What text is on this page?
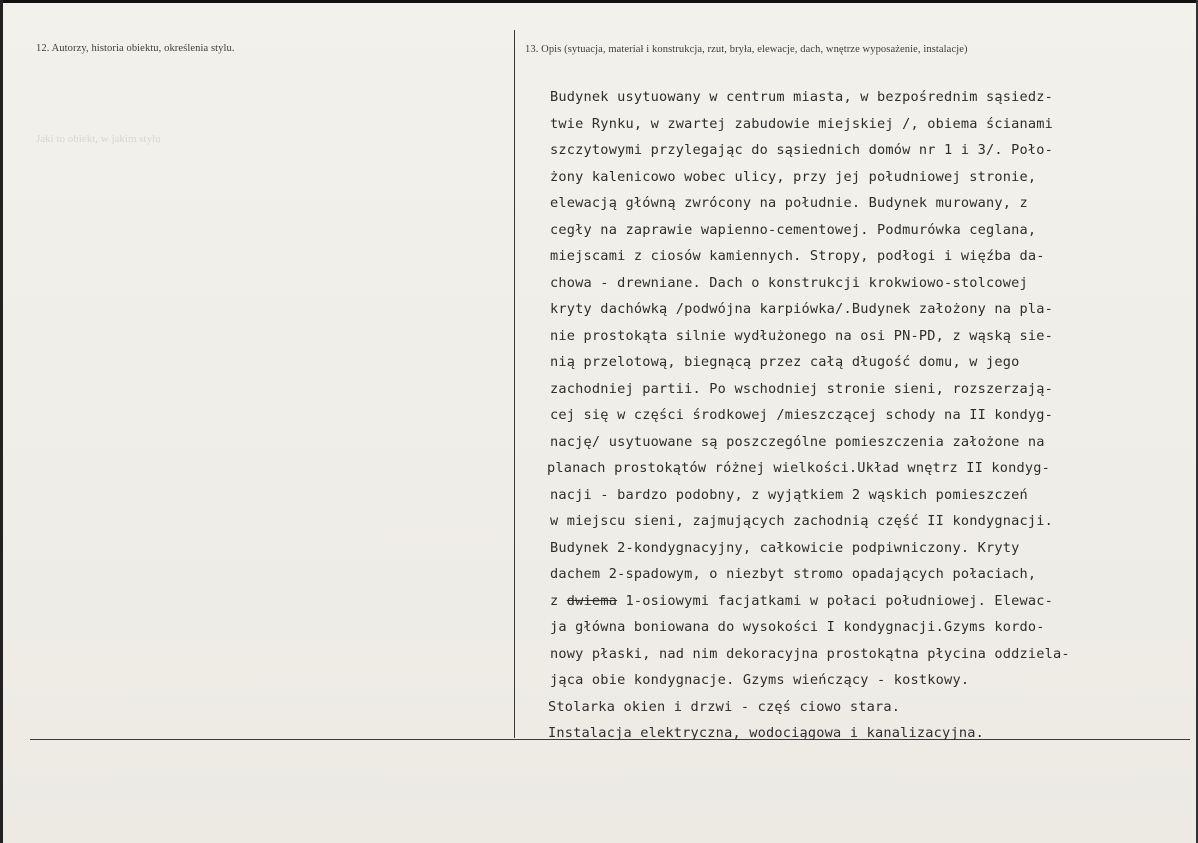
12. Autorzy, historia obiektu, określenia stylu.
Jaki to obiekt, w jakim stylu
13. Opis (sytuacja, materiał i konstrukcja, rzut, bryła, elewacje, dach, wnętrze wyposażenie, instalacje)
Budynek usytuowany w centrum miasta, w bezpośrednim sąsiedz-
twie Rynku, w zwartej zabudowie miejskiej /, obiema ścianami
szczytowymi przylegając do sąsiednich domów nr 1 i 3/. Poło-
żony kalenicowo wobec ulicy, przy jej południowej stronie,
elewacją główną zwrócony na południe. Budynek murowany, z
cegły na zaprawie wapienno-cementowej. Podmurówka ceglana,
miejscami z ciosów kamiennych. Stropy, podłogi i więźba da-
chowa - drewniane. Dach o konstrukcji krokwiowo-stolcowej
kryty dachówką /podwójna karpiówka/.Budynek założony na pla-
nie prostokąta silnie wydłużonego na osi PN-PD, z wąską sie-
nią przelotową, biegnącą przez całą długość domu, w jego
zachodniej partii. Po wschodniej stronie sieni, rozszerzają-
cej się w części środkowej /mieszczącej schody na II kondyg-
nację/ usytuowane są poszczególne pomieszczenia założone na
planach prostokątów różnej wielkości.Układ wnętrz II kondyg-
nacji - bardzo podobny, z wyjątkiem 2 wąskich pomieszczeń
w miejscu sieni, zajmujących zachodnią część II kondygnacji.
Budynek 2-kondygnacyjny, całkowicie podpiwniczony. Kryty
dachem 2-spadowym, o niezbyt stromo opadających połaciach,
z dwiema 1-osiowymi facjatkami w połaci południowej. Elewac-
ja główna boniowana do wysokości I kondygnacji.Gzyms kordo-
nowy płaski, nad nim dekoracyjna prostokątna płycina oddziela-
jąca obie kondygnacje. Gzyms wieńczący - kostkowy.
Stolarka okien i drzwi - częś ciowo stara.
Instalacja elektryczna, wodociągowa i kanalizacyjna.
